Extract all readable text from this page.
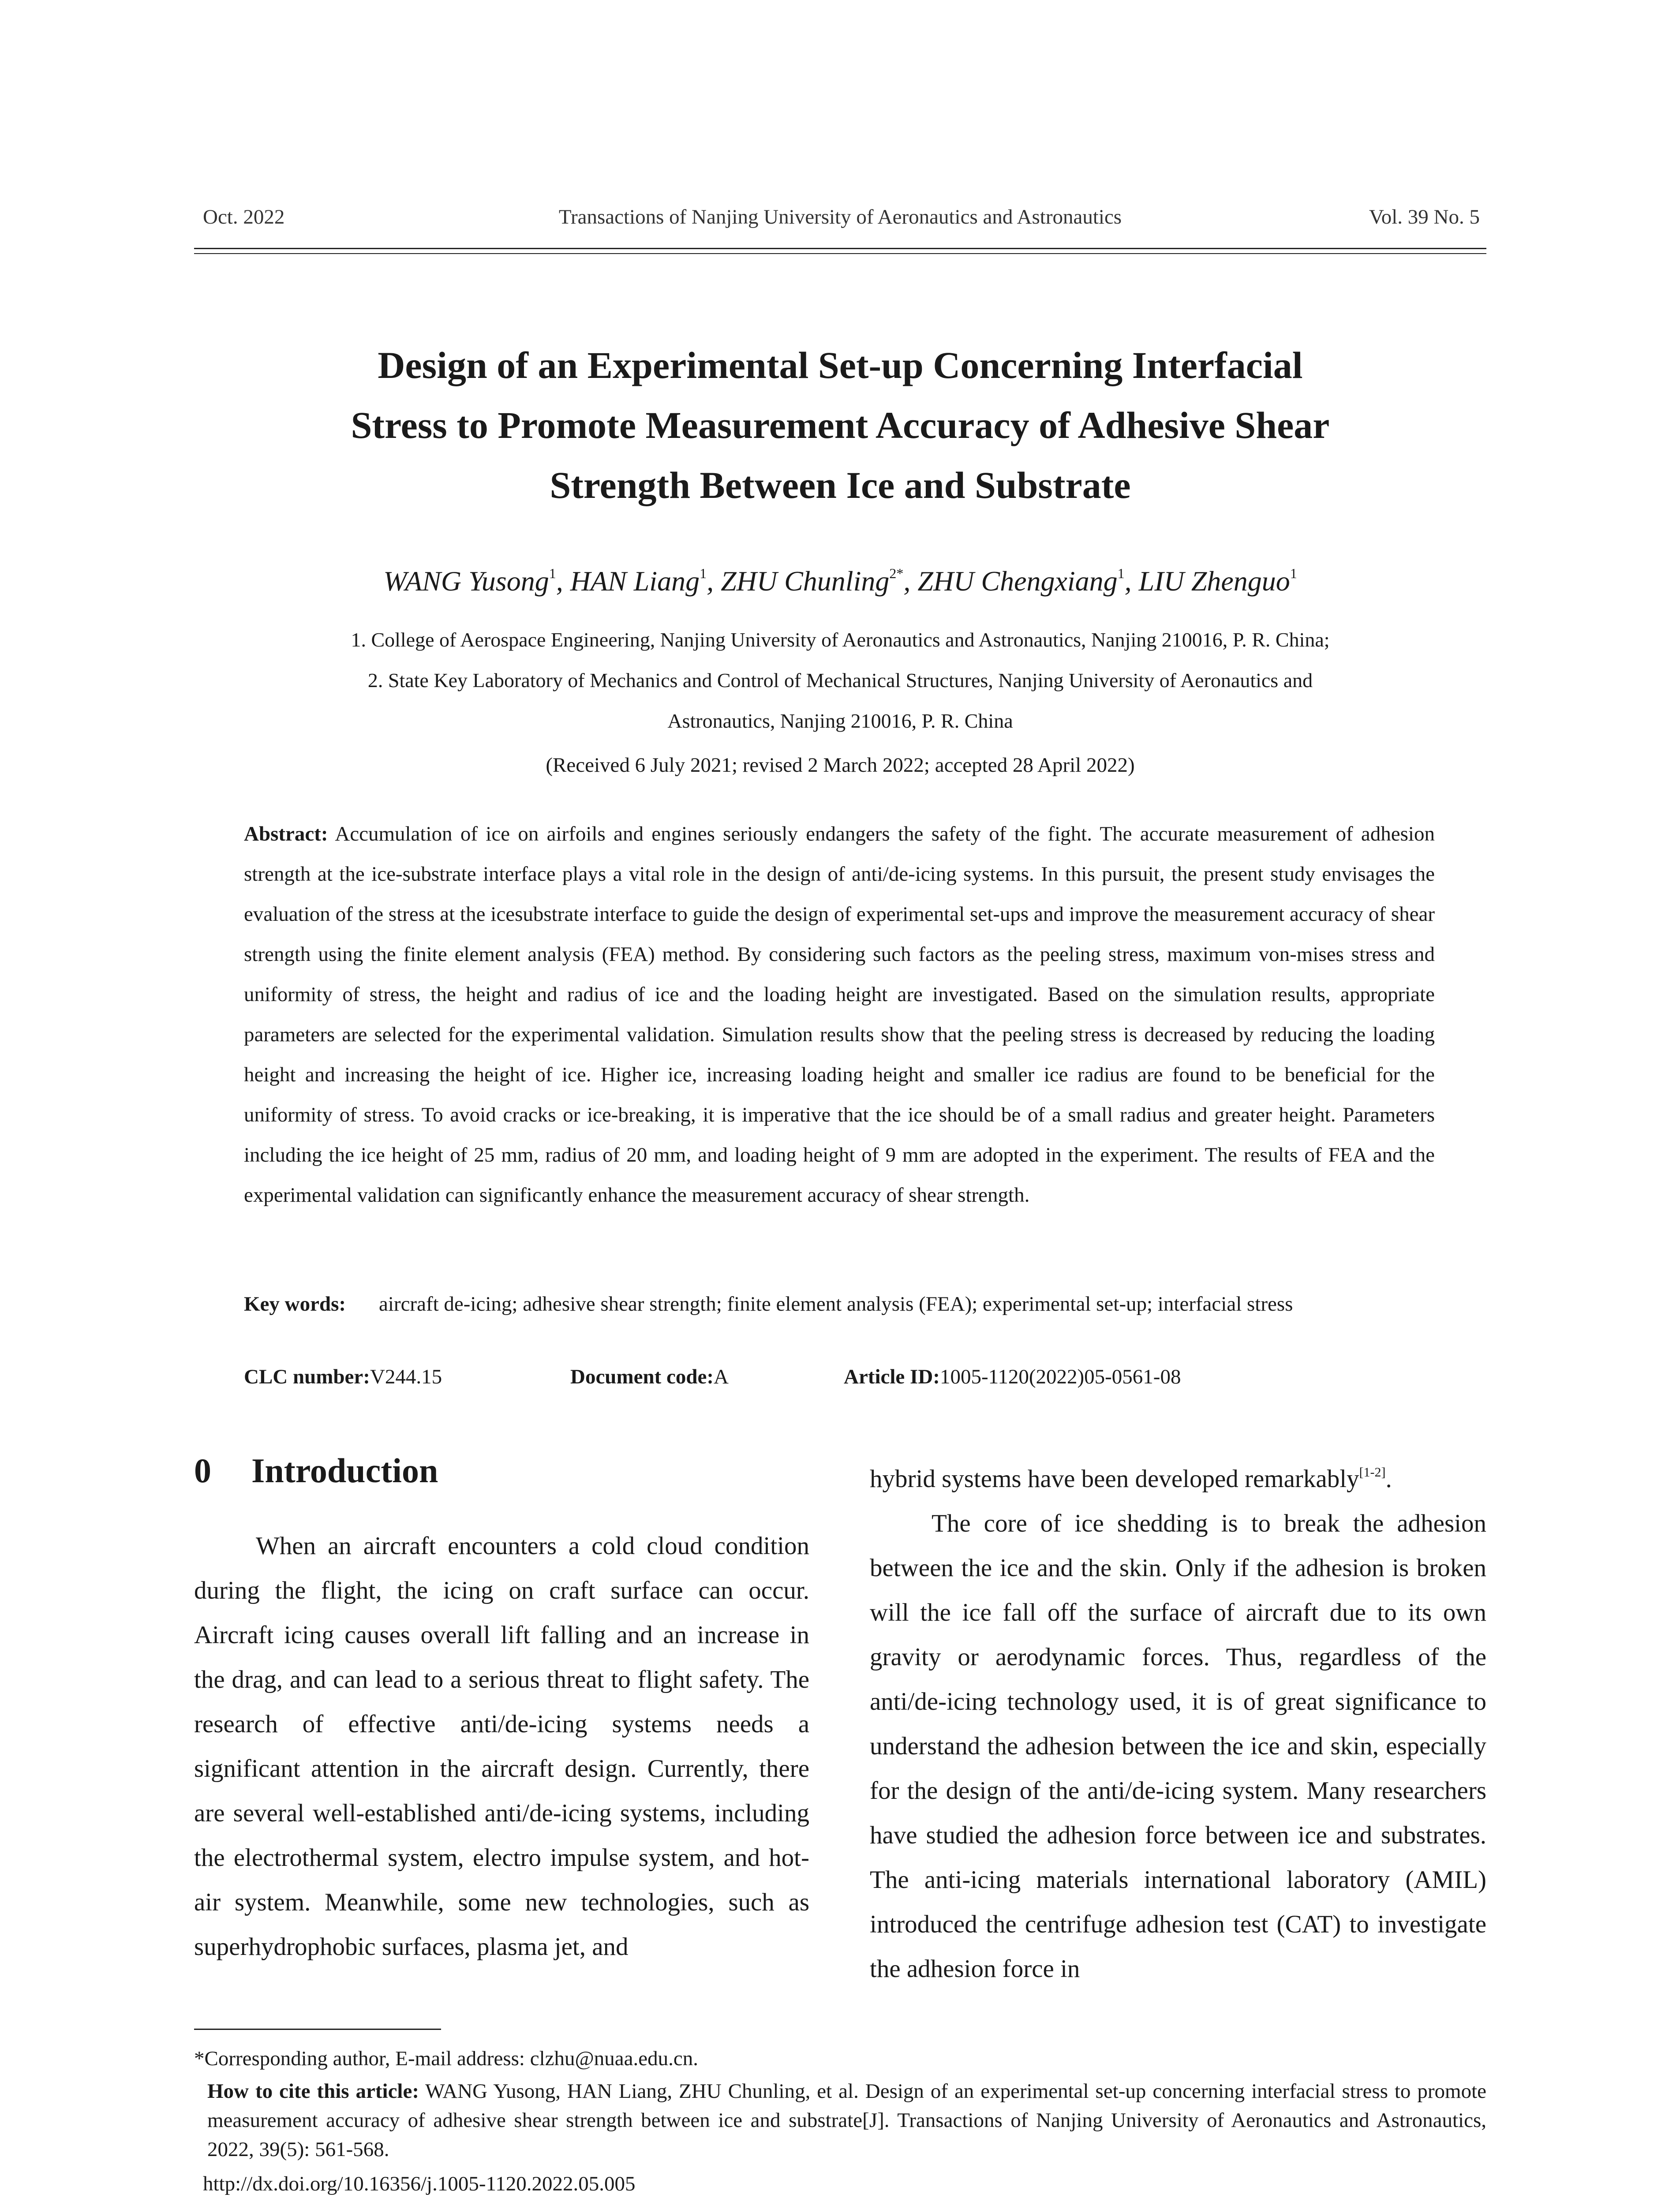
Oct. 2022	Transactions of Nanjing University of Aeronautics and Astronautics	Vol. 39 No. 5
Design of an Experimental Set-up Concerning Interfacial
Stress to Promote Measurement Accuracy of Adhesive Shear
Strength Between Ice and Substrate
WANG Yusong$^1$, HAN Liang$^1$, ZHU Chunling$^{2*}$, ZHU Chengxiang$^1$, LIU Zhenguo$^1$
1. College of Aerospace Engineering, Nanjing University of Aeronautics and Astronautics, Nanjing 210016, P. R. China;
2. State Key Laboratory of Mechanics and Control of Mechanical Structures, Nanjing University of Aeronautics and
Astronautics, Nanjing 210016, P. R. China
(Received 6 July 2021; revised 2 March 2022; accepted 28 April 2022)
Abstract: Accumulation of ice on airfoils and engines seriously endangers the safety of the fight. The accurate measurement of adhesion strength at the ice-substrate interface plays a vital role in the design of anti/de-icing systems. In this pursuit, the present study envisages the evaluation of the stress at the icesubstrate interface to guide the design of experimental set-ups and improve the measurement accuracy of shear strength using the finite element analysis (FEA) method. By considering such factors as the peeling stress, maximum von-mises stress and uniformity of stress, the height and radius of ice and the loading height are investigated. Based on the simulation results, appropriate parameters are selected for the experimental validation. Simulation results show that the peeling stress is decreased by reducing the loading height and increasing the height of ice. Higher ice, increasing loading height and smaller ice radius are found to be beneficial for the uniformity of stress. To avoid cracks or ice-breaking, it is imperative that the ice should be of a small radius and greater height. Parameters including the ice height of 25 mm, radius of 20 mm, and loading height of 9 mm are adopted in the experiment. The results of FEA and the experimental validation can significantly enhance the measurement accuracy of shear strength.
Key words: aircraft de-icing; adhesive shear strength; finite element analysis (FEA); experimental set-up; interfacial stress
CLC number:V244.15	Document code:A	Article ID:1005-1120(2022)05-0561-08
0 Introduction

When an aircraft encounters a cold cloud condition during the flight, the icing on craft surface can occur. Aircraft icing causes overall lift falling and an increase in the drag, and can lead to a serious threat to flight safety. The research of effective anti/de-icing systems needs a significant attention in the aircraft design. Currently, there are several well-established anti/de-icing systems, including the electrothermal system, electro impulse system, and hot-air system. Meanwhile, some new technologies, such as superhydrophobic surfaces, plasma jet, and

hybrid systems have been developed remarkably[1-2].

The core of ice shedding is to break the adhesion between the ice and the skin. Only if the adhesion is broken will the ice fall off the surface of aircraft due to its own gravity or aerodynamic forces. Thus, regardless of the anti/de-icing technology used, it is of great significance to understand the adhesion between the ice and skin, especially for the design of the anti/de-icing system. Many researchers have studied the adhesion force between ice and substrates. The anti-icing materials international laboratory (AMIL) introduced the centrifuge adhesion test (CAT) to investigate the adhesion force in

*Corresponding author, E-mail address: clzhu@nuaa.edu.cn.
How to cite this article: WANG Yusong, HAN Liang, ZHU Chunling, et al. Design of an experimental set-up concerning interfacial stress to promote measurement accuracy of adhesive shear strength between ice and substrate[J]. Transactions of Nanjing University of Aeronautics and Astronautics, 2022, 39(5): 561-568.
http://dx.doi.org/10.16356/j.1005-1120.2022.05.005
